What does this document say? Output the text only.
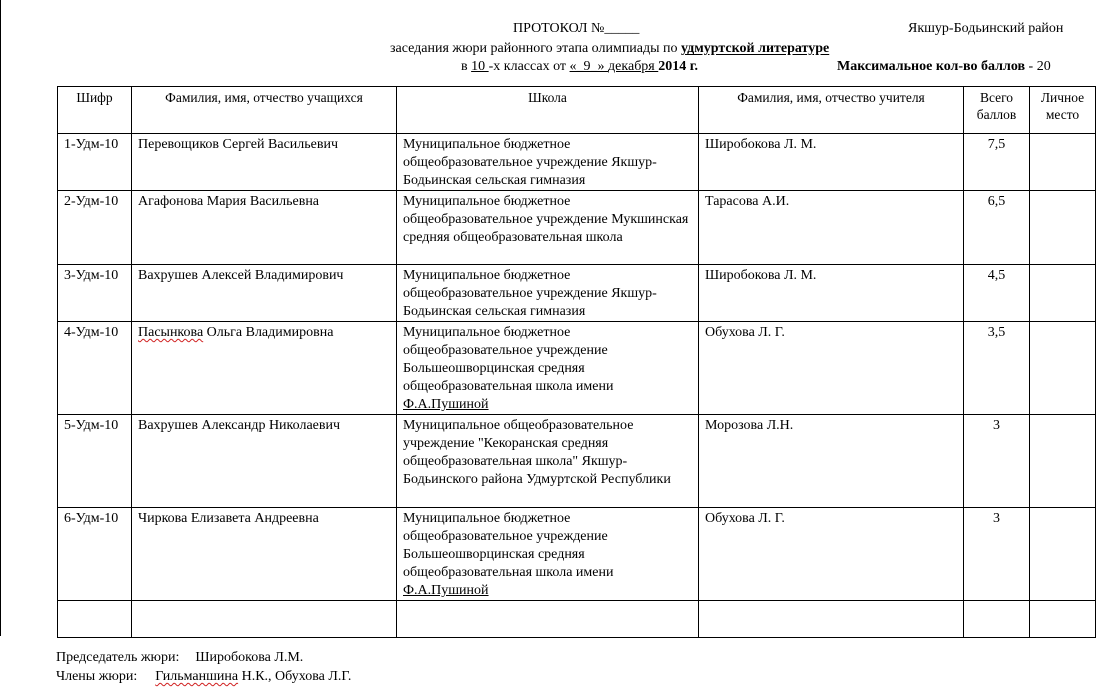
ПРОТОКОЛ №_____	Якшур-Бодьинский район
заседания жюри районного этапа олимпиады по удмуртской литературе
в 10 -х классах от «_9_» декабря 2014 г.	Максимальное кол-во баллов - 20
Шифр	Фамилия, имя, отчество учащихся	Школа	Фамилия, имя, отчество учителя	Всего баллов	Личное место
1-Удм-10	Перевощиков Сергей Васильевич	Муниципальное бюджетное общеобразовательное учреждение Якшур-Бодьинская сельская гимназия	Широбокова Л. М.	7,5	
2-Удм-10	Агафонова Мария Васильевна	Муниципальное бюджетное общеобразовательное учреждение Мукшинская средняя общеобразовательная школа	Тарасова А.И.	6,5	
3-Удм-10	Вахрушев Алексей Владимирович	Муниципальное бюджетное общеобразовательное учреждение Якшур-Бодьинская сельская гимназия	Широбокова Л. М.	4,5	
4-Удм-10	Пасынкова Ольга Владимировна	Муниципальное бюджетное общеобразовательное учреждение Большеошворцинская средняя общеобразовательная школа имени Ф.А.Пушиной	Обухова Л. Г.	3,5	
5-Удм-10	Вахрушев Александр Николаевич	Муниципальное общеобразовательное учреждение "Кекоранская средняя общеобразовательная школа" Якшур-Бодьинского района Удмуртской Республики	Морозова Л.Н.	3	
6-Удм-10	Чиркова Елизавета Андреевна	Муниципальное бюджетное общеобразовательное учреждение Большеошворцинская средняя общеобразовательная школа имени Ф.А.Пушиной	Обухова Л. Г.	3	

Председатель жюри: Широбокова Л.М.
Члены жюри: Гильманшина Н.К., Обухова Л.Г.
